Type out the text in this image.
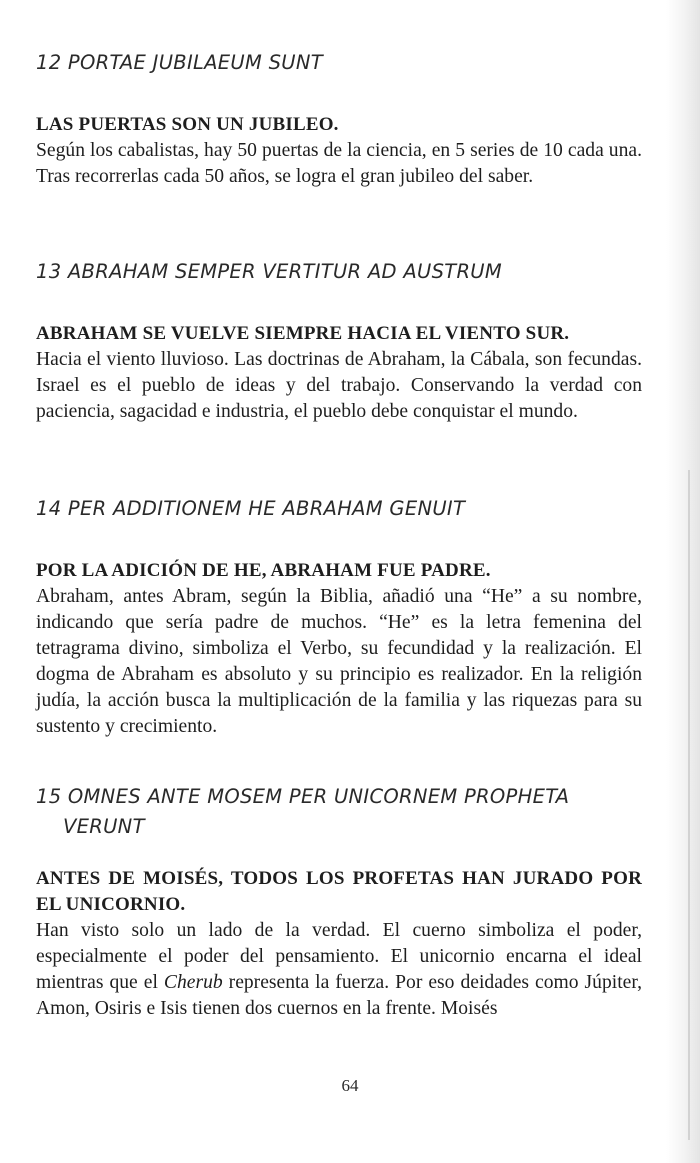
12 PORTAE JUBILAEUM SUNT

LAS PUERTAS SON UN JUBILEO.

Según los cabalistas, hay 50 puertas de la ciencia, en 5 series de 10 cada una. Tras recorrerlas cada 50 años, se logra el gran jubileo del saber.

13 ABRAHAM SEMPER VERTITUR AD AUSTRUM

ABRAHAM SE VUELVE SIEMPRE HACIA EL VIENTO SUR.

Hacia el viento lluvioso. Las doctrinas de Abraham, la Cábala, son fecundas. Israel es el pueblo de ideas y del trabajo. Conservando la verdad con paciencia, sagacidad e industria, el pueblo debe conquistar el mundo.

14 PER ADDITIONEM HE ABRAHAM GENUIT

POR LA ADICIÓN DE HE, ABRAHAM FUE PADRE.

Abraham, antes Abram, según la Biblia, añadió una “He” a su nombre, indicando que sería padre de muchos. “He” es la letra femenina del tetragrama divino, simboliza el Verbo, su fecundidad y la realización. El dogma de Abraham es absoluto y su principio es realizador. En la religión judía, la acción busca la multiplicación de la familia y las riquezas para su sustento y crecimiento.

15 OMNES ANTE MOSEM PER UNICORNEM PROPHETA
VERUNT

ANTES DE MOISÉS, TODOS LOS PROFETAS HAN JURADO POR EL UNICORNIO.

Han visto solo un lado de la verdad. El cuerno simboliza el poder, especialmente el poder del pensamiento. El unicornio encarna el ideal mientras que el Cherub representa la fuerza. Por eso deidades como Júpiter, Amon, Osiris e Isis tienen dos cuernos en la frente. Moisés

64
